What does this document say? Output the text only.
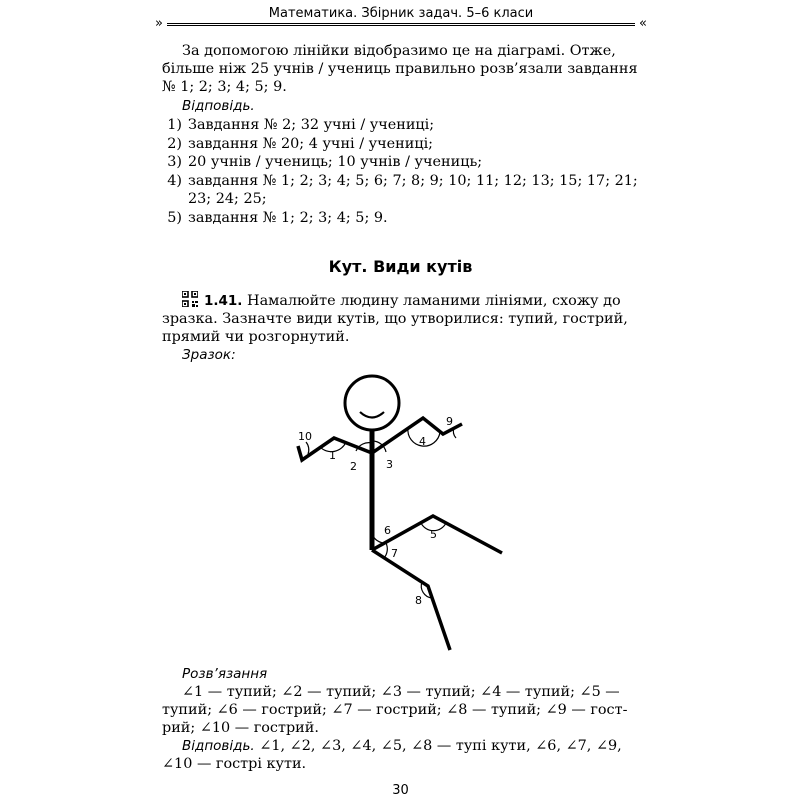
»	«
Математика. Збірник задач. 5–6 класи
За допомогою лінійки відобразимо це на діаграмі. Отже,
більше ніж 25 учнів / учениць правильно розв’язали завдання
№ 1; 2; 3; 4; 5; 9.
Відповідь.
1) Завдання № 2; 32 учні / учениці;
2) завдання № 20; 4 учні / учениці;
3) 20 учнів / учениць; 10 учнів / учениць;
4) завдання № 1; 2; 3; 4; 5; 6; 7; 8; 9; 10; 11; 12; 13; 15; 17; 21;
23; 24; 25;
5) завдання № 1; 2; 3; 4; 5; 9.
Кут. Види кутів
1.41. Намалюйте людину ламаними лініями, схожу до
зразка. Зазначте види кутів, що утворилися: тупий, гострий,
прямий чи розгорнутий.
Зразок:
1
2	3
4
5
6
7
8
9
10
Розв’язання
∠1 — тупий; ∠2 — тупий; ∠3 — тупий; ∠4 — тупий; ∠5 —
тупий; ∠6 — гострий; ∠7 — гострий; ∠8 — тупий; ∠9 — гост-
рий; ∠10 — гострий.
Відповідь. ∠1, ∠2, ∠3, ∠4, ∠5, ∠8 — тупі кути, ∠6, ∠7, ∠9,
∠10 — гострі кути.
30
